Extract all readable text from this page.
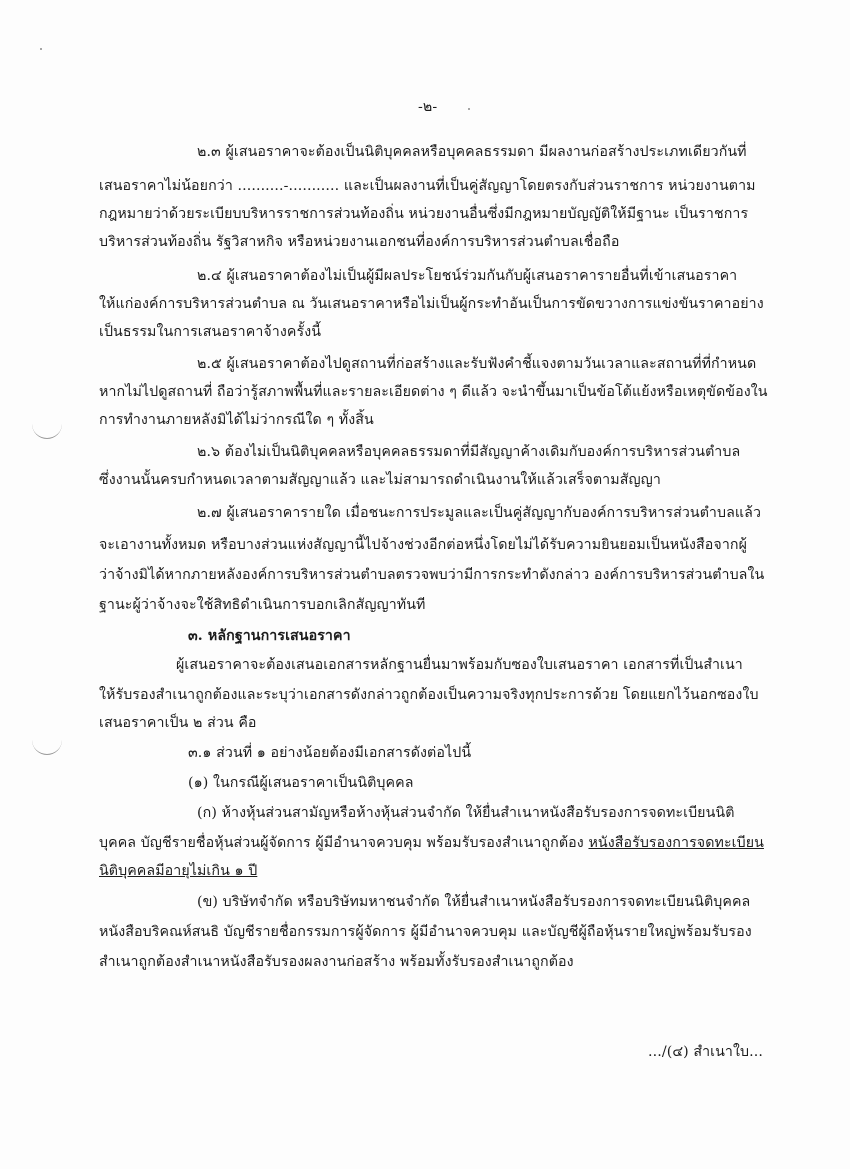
-๒-
๒.๓ ผู้เสนอราคาจะต้องเป็นนิติบุคคลหรือบุคคลธรรมดา มีผลงานก่อสร้างประเภทเดียวกันที่
เสนอราคาไม่น้อยกว่า ..........-........... และเป็นผลงานที่เป็นคู่สัญญาโดยตรงกับส่วนราชการ หน่วยงานตาม
กฎหมายว่าด้วยระเบียบบริหารราชการส่วนท้องถิ่น หน่วยงานอื่นซึ่งมีกฎหมายบัญญัติให้มีฐานะ เป็นราชการ
บริหารส่วนท้องถิ่น รัฐวิสาหกิจ หรือหน่วยงานเอกชนที่องค์การบริหารส่วนตำบลเชื่อถือ
๒.๔ ผู้เสนอราคาต้องไม่เป็นผู้มีผลประโยชน์ร่วมกันกับผู้เสนอราคารายอื่นที่เข้าเสนอราคา
ให้แก่องค์การบริหารส่วนตำบล ณ วันเสนอราคาหรือไม่เป็นผู้กระทำอันเป็นการขัดขวางการแข่งขันราคาอย่าง
เป็นธรรมในการเสนอราคาจ้างครั้งนี้
๒.๕ ผู้เสนอราคาต้องไปดูสถานที่ก่อสร้างและรับฟังคำชี้แจงตามวันเวลาและสถานที่ที่กำหนด
หากไม่ไปดูสถานที่ ถือว่ารู้สภาพพื้นที่และรายละเอียดต่าง ๆ ดีแล้ว จะนำขึ้นมาเป็นข้อโต้แย้งหรือเหตุขัดข้องใน
การทำงานภายหลังมิได้ไม่ว่ากรณีใด ๆ ทั้งสิ้น
๒.๖ ต้องไม่เป็นนิติบุคคลหรือบุคคลธรรมดาที่มีสัญญาค้างเดิมกับองค์การบริหารส่วนตำบล
ซึ่งงานนั้นครบกำหนดเวลาตามสัญญาแล้ว และไม่สามารถดำเนินงานให้แล้วเสร็จตามสัญญา
๒.๗ ผู้เสนอราคารายใด เมื่อชนะการประมูลและเป็นคู่สัญญากับองค์การบริหารส่วนตำบลแล้ว
จะเอางานทั้งหมด หรือบางส่วนแห่งสัญญานี้ไปจ้างช่วงอีกต่อหนึ่งโดยไม่ได้รับความยินยอมเป็นหนังสือจากผู้
ว่าจ้างมิได้หากภายหลังองค์การบริหารส่วนตำบลตรวจพบว่ามีการกระทำดังกล่าว องค์การบริหารส่วนตำบลใน
ฐานะผู้ว่าจ้างจะใช้สิทธิดำเนินการบอกเลิกสัญญาทันที
๓. หลักฐานการเสนอราคา
ผู้เสนอราคาจะต้องเสนอเอกสารหลักฐานยื่นมาพร้อมกับซองใบเสนอราคา เอกสารที่เป็นสำเนา
ให้รับรองสำเนาถูกต้องและระบุว่าเอกสารดังกล่าวถูกต้องเป็นความจริงทุกประการด้วย โดยแยกไว้นอกซองใบ
เสนอราคาเป็น ๒ ส่วน คือ
๓.๑ ส่วนที่ ๑ อย่างน้อยต้องมีเอกสารดังต่อไปนี้
(๑) ในกรณีผู้เสนอราคาเป็นนิติบุคคล
(ก) ห้างหุ้นส่วนสามัญหรือห้างหุ้นส่วนจำกัด ให้ยื่นสำเนาหนังสือรับรองการจดทะเบียนนิติ
บุคคล บัญชีรายชื่อหุ้นส่วนผู้จัดการ ผู้มีอำนาจควบคุม พร้อมรับรองสำเนาถูกต้อง หนังสือรับรองการจดทะเบียน
นิติบุคคลมีอายุไม่เกิน ๑ ปี
(ข) บริษัทจำกัด หรือบริษัทมหาชนจำกัด ให้ยื่นสำเนาหนังสือรับรองการจดทะเบียนนิติบุคคล
หนังสือบริคณห์สนธิ บัญชีรายชื่อกรรมการผู้จัดการ ผู้มีอำนาจควบคุม และบัญชีผู้ถือหุ้นรายใหญ่พร้อมรับรอง
สำเนาถูกต้องสำเนาหนังสือรับรองผลงานก่อสร้าง พร้อมทั้งรับรองสำเนาถูกต้อง
.../(๔) สำเนาใบ...
